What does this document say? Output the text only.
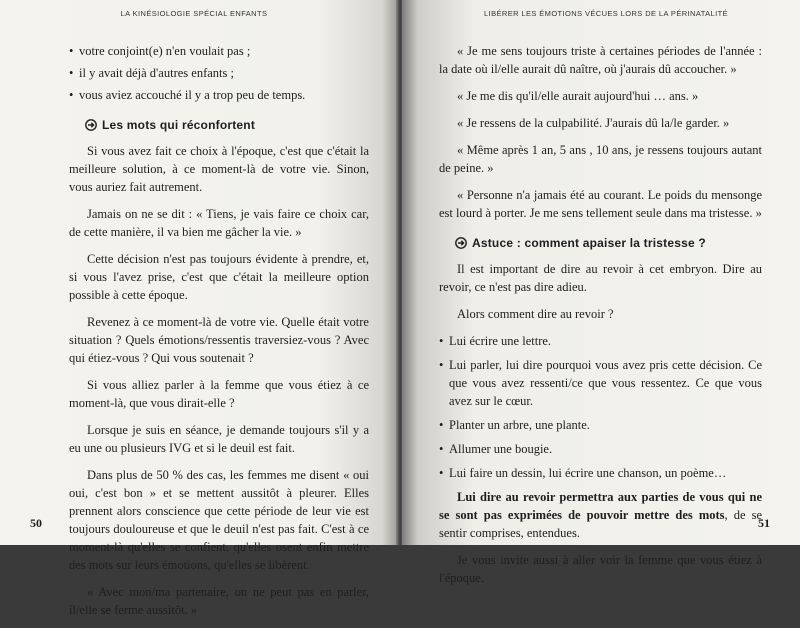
LA KINÉSIOLOGIE SPÉCIAL ENFANTS
• votre conjoint(e) n'en voulait pas ;
• il y avait déjà d'autres enfants ;
• vous aviez accouché il y a trop peu de temps.
Les mots qui réconfortent

Si vous avez fait ce choix à l'époque, c'est que c'était la meilleure solution, à ce moment-là de votre vie. Sinon, vous auriez fait autrement.

Jamais on ne se dit : « Tiens, je vais faire ce choix car, de cette manière, il va bien me gâcher la vie. »

Cette décision n'est pas toujours évidente à prendre, et, si vous l'avez prise, c'est que c'était la meilleure option possible à cette époque.

Revenez à ce moment-là de votre vie. Quelle était votre situation ? Quels émotions/ressentis traversiez-vous ? Avec qui étiez-vous ? Qui vous soutenait ?

Si vous alliez parler à la femme que vous étiez à ce moment-là, que vous dirait-elle ?

Lorsque je suis en séance, je demande toujours s'il y a eu une ou plusieurs IVG et si le deuil est fait.

Dans plus de 50 % des cas, les femmes me disent « oui oui, c'est bon » et se mettent aussitôt à pleurer. Elles prennent alors conscience que cette période de leur vie est toujours douloureuse et que le deuil n'est pas fait. C'est à ce moment-là qu'elles se confient, qu'elles osent enfin mettre des mots sur leurs émotions, qu'elles se libèrent.

« Avec mon/ma partenaire, on ne peut pas en parler, il/elle se ferme aussitôt. »

50
LIBÉRER LES ÉMOTIONS VÉCUES LORS DE LA PÉRINATALITÉ

« Je me sens toujours triste à certaines périodes de l'année : la date où il/elle aurait dû naître, où j'aurais dû accoucher. »

« Je me dis qu'il/elle aurait aujourd'hui … ans. »

« Je ressens de la culpabilité. J'aurais dû la/le garder. »

« Même après 1 an, 5 ans , 10 ans, je ressens toujours autant de peine. »

« Personne n'a jamais été au courant. Le poids du mensonge est lourd à porter. Je me sens tellement seule dans ma tristesse. »

Astuce : comment apaiser la tristesse ?

Il est important de dire au revoir à cet embryon. Dire au revoir, ce n'est pas dire adieu.

Alors comment dire au revoir ?

• Lui écrire une lettre.
• Lui parler, lui dire pourquoi vous avez pris cette décision. Ce que vous avez ressenti/ce que vous ressentez. Ce que vous avez sur le cœur.
• Planter un arbre, une plante.
• Allumer une bougie.
• Lui faire un dessin, lui écrire une chanson, un poème…

Lui dire au revoir permettra aux parties de vous qui ne se sont pas exprimées de pouvoir mettre des mots, de se sentir comprises, entendues.

Je vous invite aussi à aller voir la femme que vous étiez à l'époque.

51
